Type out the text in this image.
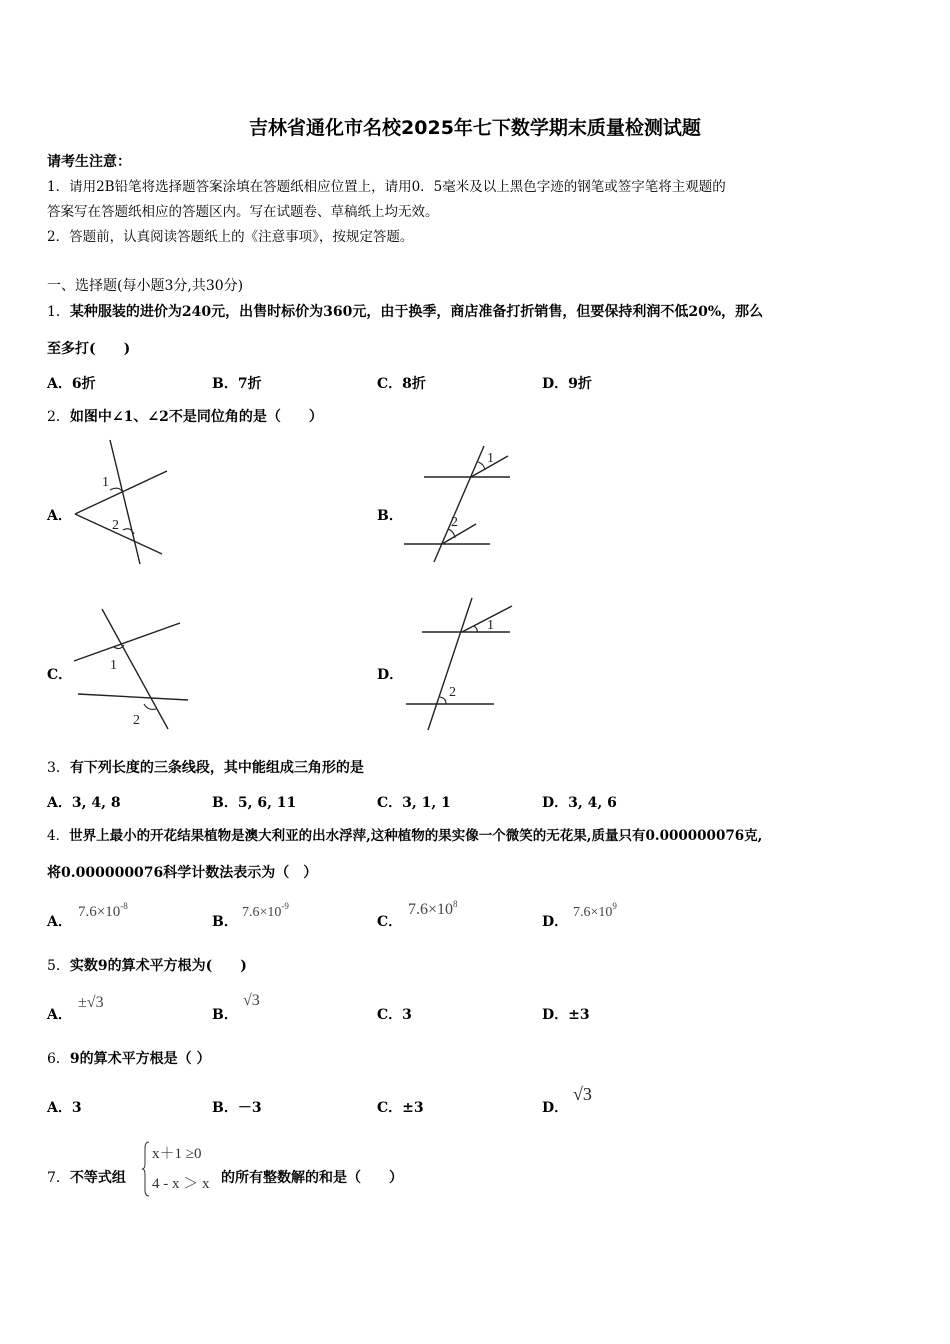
吉林省通化市名校2025年七下数学期末质量检测试题
请考生注意：
1．请用2B铅笔将选择题答案涂填在答题纸相应位置上，请用0．5毫米及以上黑色字迹的钢笔或签字笔将主观题的
答案写在答题纸相应的答题区内。写在试题卷、草稿纸上均无效。
2．答题前，认真阅读答题纸上的《注意事项》，按规定答题。
一、选择题(每小题3分,共30分)
1．某种服装的进价为240元，出售时标价为360元，由于换季，商店准备打折销售，但要保持利润不低20%，那么
至多打(　　)
A．6折	B．7折	C．8折	D．9折
2．如图中∠1、∠2不是同位角的是（　　）
A．
1
2
B．
1
2
C．
1
2
D．
1
2
3．有下列长度的三条线段，其中能组成三角形的是
A．3, 4, 8	B．5, 6, 11	C．3, 1, 1	D．3, 4, 6
4．世界上最小的开花结果植物是澳大利亚的出水浮萍,这种植物的果实像一个微笑的无花果,质量只有0.000000076克,
将0.000000076科学计数法表示为（　）
A．
$7.6\times 10^{-8}$
B．
$7.6\times 10^{-9}$
C．
$7.6\times 10^8$
D．
$7.6\times 10^9$
5．实数9的算术平方根为(　　)
A．
±√3
B．
√3
C．3	D．±3
6．9的算术平方根是（ ）
A．3	B．－3	C．±3	D．
√3
7．不等式组
x＋1 ≥0
4 - x ＞ x 的所有整数解的和是（　　）
